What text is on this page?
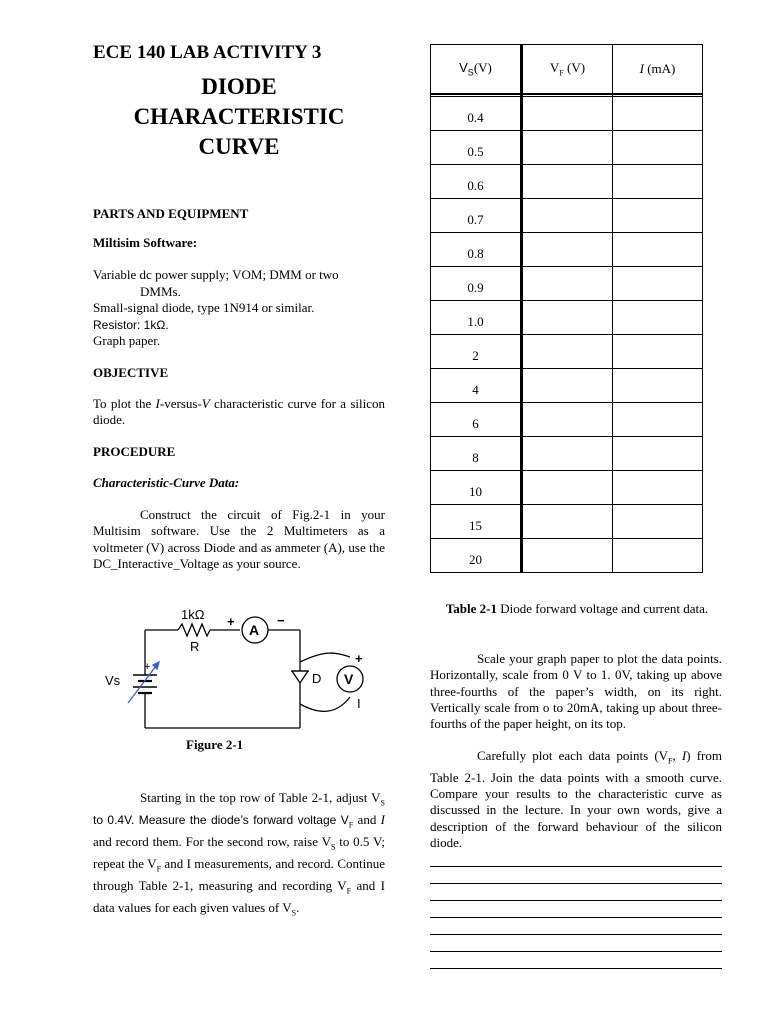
ECE 140 LAB ACTIVITY 3

DIODE
CHARACTERISTIC
CURVE

PARTS AND EQUIPMENT

Miltisim Software:

Variable dc power supply; VOM; DMM or two

DMMs.

Small-signal diode, type 1N914 or similar.

Resistor: 1kΩ.

Graph paper.

OBJECTIVE

To plot the I-versus-V characteristic curve for a silicon diode.

PROCEDURE

Characteristic-Curve Data:

Construct the circuit of Fig.2-1 in your Multisim software. Use the 2 Multimeters as a voltmeter (V) across Diode and as ammeter (A), use the DC_Interactive_Voltage as your source.

1kΩ
R
+
A
−
+
Vs	D
+
V
I
Figure 2-1

Starting in the top row of Table 2-1, adjust $V_S$ to 0.4V. Measure the diode’s forward voltage $V_F$ and I and record them. For the second row, raise $V_S$ to 0.5 V; repeat the $V_F$ and I measurements, and record. Continue through Table 2-1, measuring and recording $V_F$ and I data values for each given values of $V_S$.

$V_S(V)$	$V_F$ (V)	I (mA)

0.4		
0.5		
0.6		
0.7		
0.8		
0.9		
1.0		
2		
4		
6		
8		
10		
15		
20		
Table 2-1 Diode forward voltage and current data.

Scale your graph paper to plot the data points. Horizontally, scale from 0 V to 1. 0V, taking up above three-fourths of the paper’s width, on its right. Vertically scale from o to 20mA, taking up about three-fourths of the paper height, on its top.

Carefully plot each data points ($V_F$, I) from Table 2-1. Join the data points with a smooth curve. Compare your results to the characteristic curve as discussed in the lecture. In your own words, give a description of the forward behaviour of the silicon diode.
